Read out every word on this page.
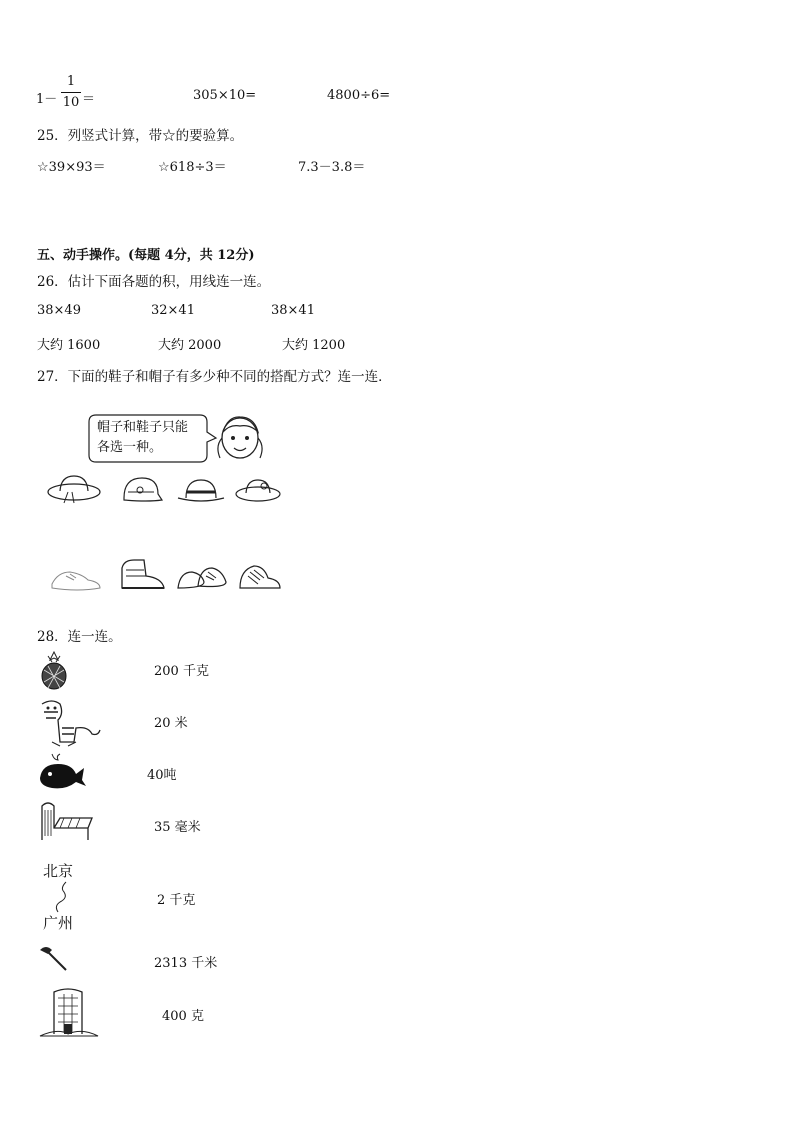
1－
1
10 ＝	305×10=	4800÷6=
25．列竖式计算，带☆的要验算。
☆39×93＝	☆618÷3＝	7.3－3.8＝
五、动手操作。(每题 4分，共 12分)
26．估计下面各题的积，用线连一连。
38×49	32×41	38×41
大约 1600	大约 2000	大约 1200
27．下面的鞋子和帽子有多少种不同的搭配方式？连一连．
帽子和鞋子只能
各选一种。
28．连一连。
200 千克
20 米
40吨
35 毫米
北京
广州
2 千克
2313 千米
400 克
